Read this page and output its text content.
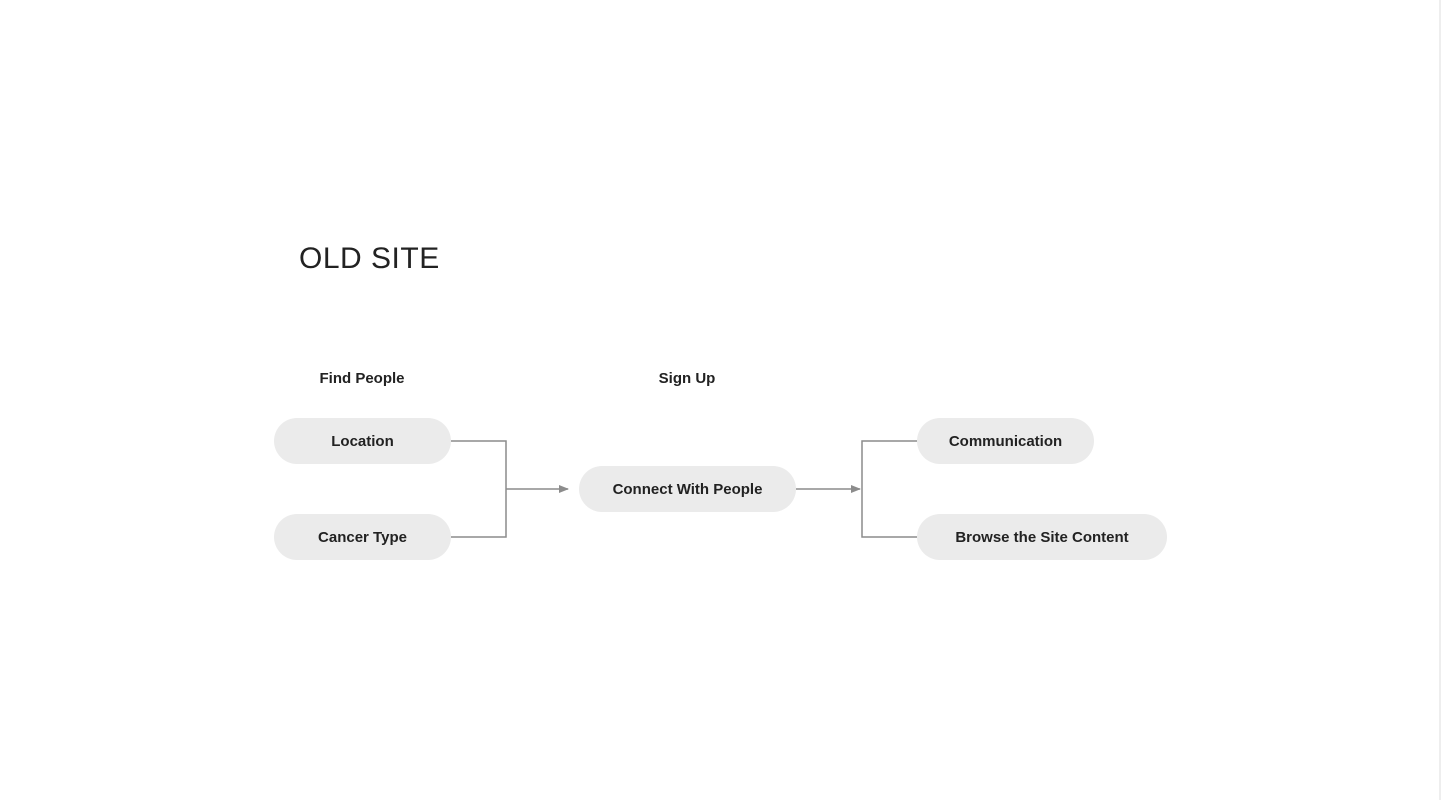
OLD SITE
Find People	Sign Up
Location
Cancer Type
Connect With People
Communication
Browse the Site Content
